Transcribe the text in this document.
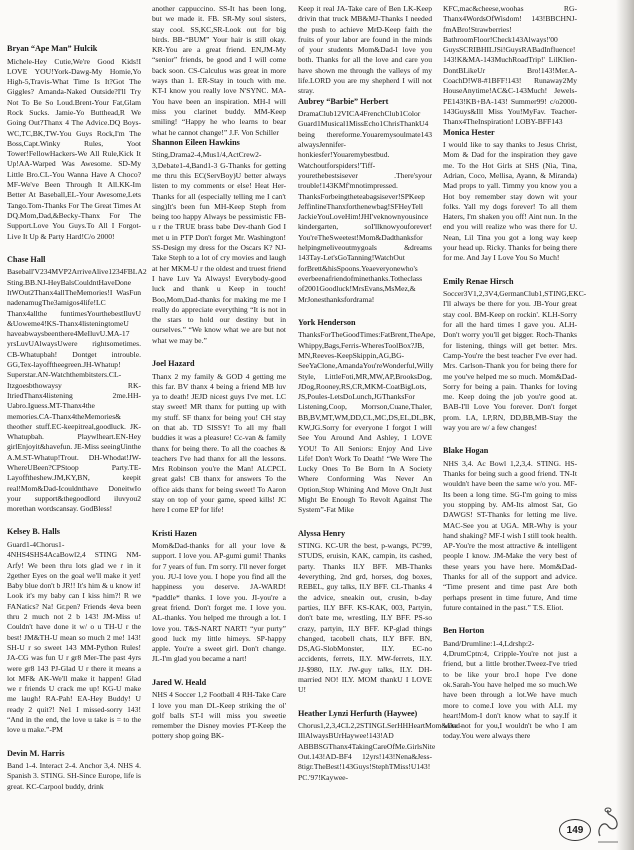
Bryan “Ape Man” Hulcik

Michele-Hey Cutie,We're Good Kids!I LOVE YOU!York-Dawg-My Homie,Yo High-5,Travis-What Time Is It?Got The Giggles? Amanda-Naked Outside?I'll Try Not To Be So Loud.Brent-Your Fat,Glam Rock Sucks. Jamie-Yo Butthead,R We Going Out?Thanx 4 The Advice.DQ Boys-WC,TC,BK,TW-You Guys Rock,I'm The Boss,Capt.Winky Rules, Yoot Tower!FellowHackers-We All Rule,Kick It Up!AA-Warped Was Awesome. SD-My Little Bro.CL-You Wanna Have A Choco?MF-We've Been Through It All.KK-Im Better At Baseball,EL-Your Awesome,Lets Tango.Tom-Thanks For The Great Times At DQ.Mom,Dad,&Becky-Thanx For The Support.Love You Guys.To All I Forgot-Live It Up & Party Hard!C/o 2000!

Chase Hall

Baseball'V234MVP2ArriveAlive1234FBLA2 Sting.BB.NJ-HeyBalsCouldntHaveDone ItWOut2Thanx4allTheMemories!I WasFun nadenamugThe3amigos4life!LC Thanx4allthe funtimesYourthebestIluvU &Uoweme4!KS-Thanx4listeningtomeU haveabwaysbeenthere4MeIluvU.MA-17 yrsLuvUAlwaysUwere rightsometimes. CB-Whatupbah! Dontget introuble. GG,Tex-layofftheegreen.JH-Whatup! Superstar.AN-Watchthembitsters.CL-Itzgoesbthowaysy RK-ItriedThanx4listening 2me.HH-Uabro.Iguess.MT-Thanx4the memories.CA-Thanx4theMemories& theother stuff.EC-keepitreal,goodluck. JK-Whatupbah. Playwlheart.EN-Hey girlEnjoyit&havefun. JE-Miss seeingUinthe A.M.ST-Whatup!Trout. DH-Whodat!JW-WhereUBeen?CPStoop Party.TE-Layofftheshew.JM,KY,BN, keepit real!Mom&Dad-Icouldnthave DoneitwIo your support&thegoodlord iluvyou2 morethan wordscansay. GodBless!

Kelsey B. Halls

Guard1-4Chorus1- 4NHS4SHS4AcaBowl2,4 STING NM-Arfy! We been thru lots glad we r in it 2gether Eyes on the goal we'll make it yet! Baby blue don't b JR!! It's him & u know it! Look it's my baby can I kiss him?! R we FANatics? Na! Gr.pen? Friends 4eva been thru 2 much not 2 b 143! JM-Miss u! Couldn't have done it w/ o u TH-U r the best! JM&TH-U mean so much 2 me! 143! SH-U r so sweet 143 MM-Python Rules! JA-CG was fun U r gr8 Mer-The past 4yrs were gr8 143 PJ-Glad U r there it means a lot MF& AK-We'll make it happen! Glad we r friends U crack me up! KG-U make me laugh! RA-Pah! EA-Hey Buddy! U ready 2 quit?! Ne1 I missed-sorry 143! “And in the end, the love u take is = to the love u make.”-PM

Devin M. Harris

Band 1-4. Interact 2-4. Anchor 3,4. NHS 4. Spanish 3. STING. SH-Since Europe, life is great. KC-Carpool buddy, drink

another cappuccino. SS-It has been long, but we made it. FB. SR-My soul sisters, stay cool. SS,KC,SR-Look out for big birds. BB-“BUM” Your hair is still okay. KR-You are a great friend. EN,JM-My “senior” friends, be good and I will come back soon. CS-Calculus was great in more ways than 1. ER-Stay in touch with me. KT-I know you really love N'SYNC. MA-You have been an inspiration. MH-I will miss you clarinet buddy. MM-Keep smiling! “Happy he who learns to bear what he cannot change!” J.F. Von Schiller

Shannon Eileen Hawkins

Sting,Drama2-4,Mus1/4,ActCrew2-3,Debate1-4,Band1-3 G-Thanks for getting me thru this EC(ServBoy)U better always listen to my comments or else! Heat Her-Thanks for all (especially telling me I can't sing)It's been fun MH-Keep Steph from being too happy Always be pessimistic FB-u r the TRUE brass babe Dev-thanh God I met u in PTP Don't forget Mr. Washington! SS-Design my dress for the Oscars K? NJ-Take Steph to a lot of cry movies and laugh at her MKM-U r the oldest and truest friend I have Luv Ya Always! Everybody-good luck and thank u Keep in touch! Boo,Mom,Dad-thanks for making me me I really do appreciate everything “It is not in the stars to hold our destiny but in ourselves.” “We know what we are but not what we may be.”

Joel Hazard

Thanx 2 my family & GOD 4 getting me this far. BV thanx 4 being a friend MB luv ya to death! JEJD nicest guys I've met. LC stay sweet! MR thanx for putting up with my stuff. SF thanx for being you! CH stay on that ab. TD SISSY! To all my fball buddies it was a pleasure! Cc-van & family thanx for being there. To all the coaches & teachers I've had thanx for all the lessons. Mrs Robinson you're the Man! ALCPCL great gals! CB thanx for answers To the office aids thanx for being sweet! To Aaron stay on top of your game, speed kills! JC here I come EP for life!

Kristi Hazen

Mom&Dad-thanks for all your love & support. I love you. AP-gumi gumi! Thanks for 7 years of fun. I'm sorry. I'll never forget you. JU-I love you. I hope you find all the happiness you deserve. JA-WARD! *paddle* thanks. I love you. JI-you're a great friend. Don't forget me. I love you. AL-thanks. You helped me through a lot. I love you. T&S-NART NART! “yur purty” good luck my little himeys. SP-happy apple. You're a sweet girl. Don't change. JL-I'm glad you became a nart!

Jared W. Heald

NHS 4 Soccer 1,2 Football 4 RH-Take Care I love you man DL-Keep striking the ol' golf balls ST-I will miss you sweetie remember the Disney movies PT-Keep the pottery shop going BK-

Keep it real JA-Take care of Ben LK-Keep drivin that truck MB&MJ-Thanks I needed the push to achieve MrD-Keep faith the fruits of your labor are found in the minds of your students Mom&Dad-I love you both. Thanks for all the love and care you have shown me through the valleys of my life.LORD you are my shepherd I will not stray.

Aubrey “Barbie” Herbert

DramaClub12VICA4FrenchClub1Color Guard1Musical1MissEcho1ChrisThankU4 being thereforme.Youaremysoulmate143 alwaysJennifer-honkiesfer!Youaremybestbud. Watchoutforspiders!'Tiff-yourethebestsisever .There'syour trouble!143KMf'mnotimpressed. ThanksForbeingtheteabagsisever!SPKeep JeffinlineThanxforthenewbag!SFHeyTell JackieYouLoveHim!JHI'veknownyousince kindergarten, soI'llknowyouforever! You'reTheSweetest!Mom&Dadthanksfor helpingmeliveoutmygoals &dreams 143Tay-Let'sGoTanning!WatchOut forBrett&hisSpoons.Yeaeveryonewho's everbeenafriendofminethanks.Totheclass of2001Goodluck!MrsEvans,MsMez,& MrJonesthanksfordrama!

York Henderson

ThanksForTheGoodTimes:FatBrent,TheApe, Whippy,Bags,Ferris-WheresToolBox?JB, MN,Reeves-KeepSkippin,AG,BG-SeeYaClone,AmandaYou'reWonderful,Willy Style, LittleFoti,MR,MW,AP,BrooksDog, JDog,Rooney,RS,CR,MKM-CoatBigLots, JS,Poules-LetsDoLunch,JGThanksFor Listening,Coop, Morrson,Cuane,Thaler, BB,BV,MT,WM,DD,CL,MC,DS,EL,DL,BK, KW,JG.Sorry for everyone I forgot I will See You Around And Ashley, I LOVE YOU! To All Seniors: Enjoy And Live Life! Don't Work To Death! “We Were The Lucky Ones To Be Born In A Society Where Conforming Was Never An Option,Stop Whining And Move On,It Just Might Be Enough To Revolt Against The System”-Fat Mike

Alyssa Henry

STING. KC-UR the best, p-wangs, PC'99, STUDS, eruisin, KAK, campin, its cashed, party. Thanks ILY BFF. MB-Thanks 4everything, 2nd grd, horses, dog boxes, REBEL, guy talks, ILY BFF. CL-Thanks 4 the advice, sneakin out, crusin, b-day parties, ILY BFF. KS-KAK, 003, Partyin, don't bate me, wrestling, ILY BFF. PS-so crazy, partyin, ILY BFF. KP-glad things changed, tacobell chats, ILY BFF. BN, DS,AG-SlobMonster, ILY. EC-no accidents, ferrets, ILY. MW-ferrets, ILY. JJ-$980, ILY. JW-guy talks, ILY. DH-married NO! ILY. MOM thankU I LOVE U!

Heather Lynzi Herfurth (Haywee)

Chorus1,2,3,4CL2,2STINGLSerHHHeartMom&Dad-IIlAlwaysBUrHaywee!143!AD ABBBSGThanx4TakingCareOfMe.GirlsNite Out.143!AD-BF4 12yrs!143!Nena&Jess-8tigr.TheBest!143Guys!StephTMiss!U143! PC.'97!Kaywee-

KFC,mac&cheese,woohas RG-Thanx4WordsOfWisdom! 143!BBCHNJ-fmABro!Strawberries! BathroomFloor!Check143Always!'00 GuysSCRIBHILJSi!GuysRABadInfluence! 143!K&MA-143MuchRoadTrip!' LilKlien-DontBLikeUr Bro!143!Mer.A-CoachD!W8-#1BFF!143! Runaway2My HouseAnytime!AC&C-143Much! Jewels-PE143!KB+BA-143! Summer99! c/o2000-143Guys&Ill Miss You!MyFav. Teacher-Thanx4TheInspiration! LOBY-BFF143

Monica Hester

I would like to say thanks to Jesus Christ, Mom & Dad for the inspiration they gave me. To the Hot Girls at SHS (Nia, Tina, Adrian, Coco, Mellisa, Ayann, & Miranda) Mad props to yall. Timmy you know you a Hot boy remember stay down wit your folks. Yall my dogs forever! To all them Haters, I'm shaken you off! Aint nun. In the end you will realize who was there for U. Nean, Lil Tina you got a long way keep your head up. Ricky. Thanks for being there for me. And Jay I Love You So Much!

Emily Renae Hirsch

Soccer3V1,2,3V4,GermanClub1,STING,EKC-I'll always be there for you. JB-Your great stay cool. BM-Keep on rockin'. KLH-Sorry for all the hard times I gave you. ALH-Don't worry you'll get bigger. Roch-Thanks for listening, things will get better. Mrs. Camp-You're the best teacher I've ever had. Mrs. Carlson-Thank you for being there for me you've helped me so much. Mom&Dad-Sorry for being a pain. Thanks for loving me. Keep doing the job you're good at. BAB-I'll Love You forever. Don't forget prom. LA, LP,RN, DD,BB,MB-Stay the way you are w/ a few changes!

Blake Hogan

NHS 3,4. Ac Bowl 1,2,3,4. STING. HS-Thanks for being such a good friend. TN-It wouldn't have been the same w/o you. MF-Its been a long time. SG-I'm going to miss you stopping by. AM-Its almost Sat, Go DAWGS! ST-Thanks for letting me live. MAC-See you at UGA. MR-Why is your hand shaking? MF-I wish I still took health. AP-You're the most attractive & intelligent people I know. JM-Make the very best of these years you have here. Mom&Dad-Thanks for all of the support and advice. “Time present and time past Are both perhaps present in time future, And time future contained in the past.” T.S. Eliot.

Ben Horton

Band/Drumline:1-4,Ldrshp:2-4,DrumCptn:4, Cripple-You're not just a friend, but a little brother.Tweez-I've tried to be like your bro.I hope I've done ok.Sarah-You have helped me so much.We have been through a lot.We have much more to come.I love you with ALL my heart!Mom-I don't know what to say.If it were not for you,I wouldn't be who I am today.You were always there

149
